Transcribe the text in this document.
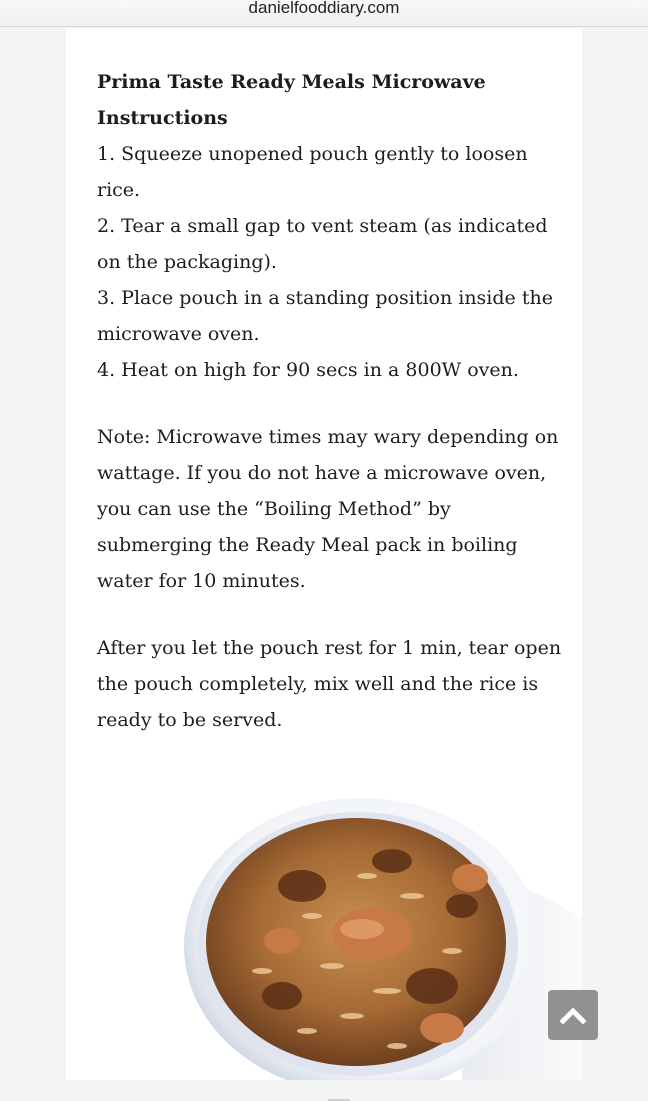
danielfooddiary.com

Prima Taste Ready Meals Microwave Instructions

1. Squeeze unopened pouch gently to loosen rice.

2. Tear a small gap to vent steam (as indicated on the packaging).

3. Place pouch in a standing position inside the microwave oven.

4. Heat on high for 90 secs in a 800W oven.

Note: Microwave times may wary depending on wattage. If you do not have a microwave oven, you can use the “Boiling Method” by submerging the Ready Meal pack in boiling water for 10 minutes.

After you let the pouch rest for 1 min, tear open the pouch completely, mix well and the rice is ready to be served.
